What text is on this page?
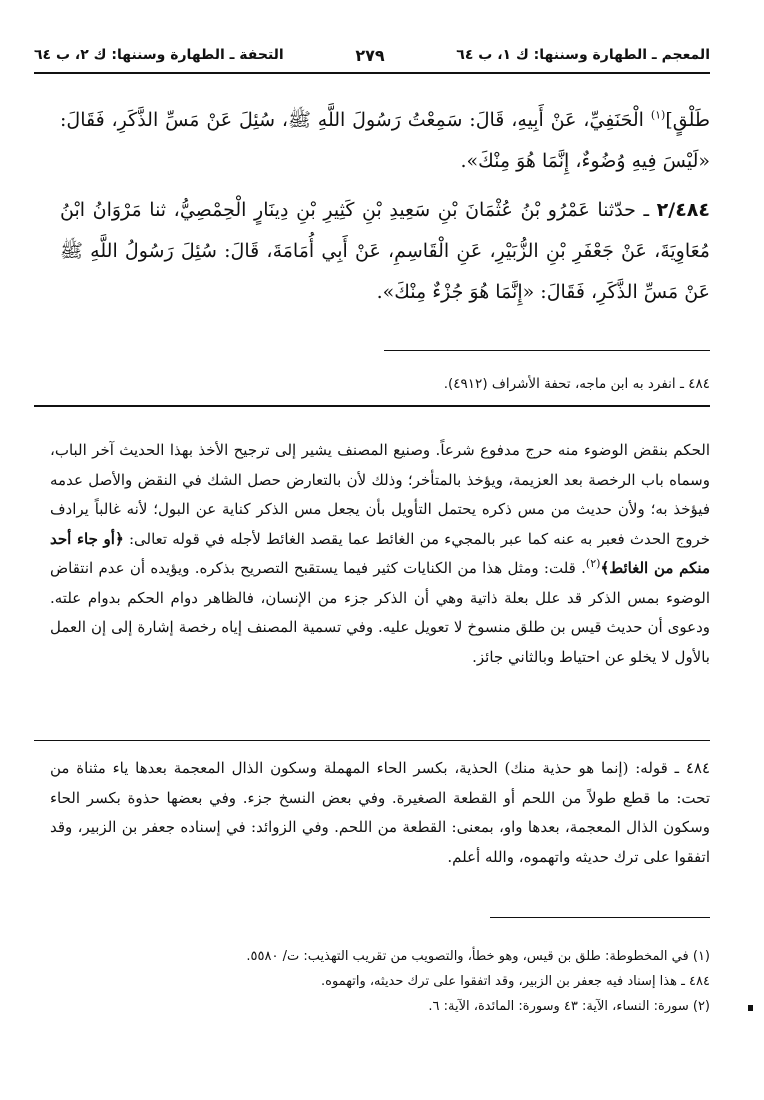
المعجم ـ الطهارة وسننها: ك ١، ب ٦٤
٢٧٩
التحفة ـ الطهارة وسننها: ك ٢، ب ٦٤

طَلْقٍ]$^{(١)}$ الْحَنَفِيِّ، عَنْ أَبِيهِ، قَالَ: سَمِعْتُ رَسُولَ اللَّهِ ﷺ، سُئِلَ عَنْ مَسِّ الذَّكَرِ، فَقَالَ: «لَيْسَ فِيهِ وُضُوءٌ، إِنَّمَا هُوَ مِنْكَ».

٢/٤٨٤ ـ حدّثنا عَمْرُو بْنُ عُثْمَانَ بْنِ سَعِيدِ بْنِ كَثِيرِ بْنِ دِينَارٍ الْحِمْصِيُّ، ثنا مَرْوَانُ ابْنُ مُعَاوِيَةَ، عَنْ جَعْفَرِ بْنِ الزُّبَيْرِ، عَنِ الْقَاسِمِ، عَنْ أَبِي أُمَامَةَ، قَالَ: سُئِلَ رَسُولُ اللَّهِ ﷺ عَنْ مَسِّ الذَّكَرِ، فَقَالَ: «إِنَّمَا هُوَ جُزْءٌ مِنْكَ».

٤٨٤ ـ انفرد به ابن ماجه، تحفة الأشراف (٤٩١٢).

الحكم بنقض الوضوء منه حرج مدفوع شرعاً. وصنيع المصنف يشير إلى ترجيح الأخذ بهذا الحديث آخر الباب، وسماه باب الرخصة بعد العزيمة، ويؤخذ بالمتأخر؛ وذلك لأن بالتعارض حصل الشك في النقض والأصل عدمه فيؤخذ به؛ ولأن حديث من مس ذكره يحتمل التأويل بأن يجعل مس الذكر كناية عن البول؛ لأنه غالباً يرادف خروج الحدث فعبر به عنه كما عبر بالمجيء من الغائط عما يقصد الغائط لأجله في قوله تعالى: ﴿أو جاء أحد منكم من الغائط﴾$^{(٢)}$. قلت: ومثل هذا من الكنايات كثير فيما يستقبح التصريح بذكره. ويؤيده أن عدم انتقاض الوضوء بمس الذكر قد علل بعلة ذاتية وهي أن الذكر جزء من الإنسان، فالظاهر دوام الحكم بدوام علته. ودعوى أن حديث قيس بن طلق منسوخ لا تعويل عليه. وفي تسمية المصنف إياه رخصة إشارة إلى إن العمل بالأول لا يخلو عن احتياط وبالثاني جائز.

٤٨٤ ـ قوله: (إنما هو حذية منك) الحذية، بكسر الحاء المهملة وسكون الذال المعجمة بعدها ياء مثناة من تحت: ما قطع طولاً من اللحم أو القطعة الصغيرة. وفي بعض النسخ جزء. وفي بعضها حذوة بكسر الحاء وسكون الذال المعجمة، بعدها واو، بمعنى: القطعة من اللحم. وفي الزوائد: في إسناده جعفر بن الزبير، وقد اتفقوا على ترك حديثه واتهموه، والله أعلم.

(١) في المخطوطة: طلق بن قيس، وهو خطأ، والتصويب من تقريب التهذيب: ت/ ٥٥٨٠.

٤٨٤ ـ هذا إسناد فيه جعفر بن الزبير، وقد اتفقوا على ترك حديثه، واتهموه.

(٢) سورة: النساء، الآية: ٤٣ وسورة: المائدة، الآية: ٦.
